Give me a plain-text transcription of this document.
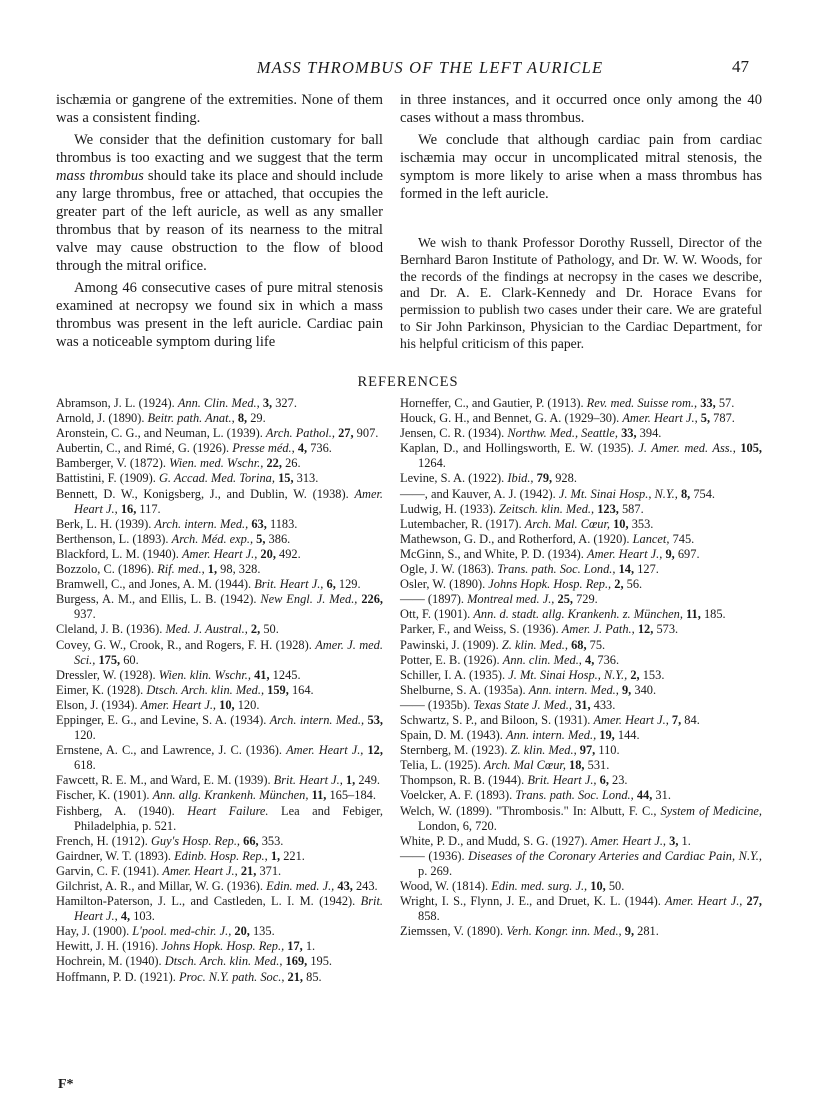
MASS THROMBUS OF THE LEFT AURICLE	47

ischæmia or gangrene of the extremities. None of them was a consistent finding.

We consider that the definition customary for ball thrombus is too exacting and we suggest that the term mass thrombus should take its place and should include any large thrombus, free or attached, that occupies the greater part of the left auricle, as well as any smaller thrombus that by reason of its nearness to the mitral valve may cause obstruction to the flow of blood through the mitral orifice.

Among 46 consecutive cases of pure mitral stenosis examined at necropsy we found six in which a mass thrombus was present in the left auricle. Cardiac pain was a noticeable symptom during life

in three instances, and it occurred once only among the 40 cases without a mass thrombus.

We conclude that although cardiac pain from cardiac ischæmia may occur in uncomplicated mitral stenosis, the symptom is more likely to arise when a mass thrombus has formed in the left auricle.

We wish to thank Professor Dorothy Russell, Director of the Bernhard Baron Institute of Pathology, and Dr. W. W. Woods, for the records of the findings at necropsy in the cases we describe, and Dr. A. E. Clark-Kennedy and Dr. Horace Evans for permission to publish two cases under their care. We are grateful to Sir John Parkinson, Physician to the Cardiac Department, for his helpful criticism of this paper.

REFERENCES

Abramson, J. L. (1924). Ann. Clin. Med., 3, 327.

Arnold, J. (1890). Beitr. path. Anat., 8, 29.

Aronstein, C. G., and Neuman, L. (1939). Arch. Pathol., 27, 907.

Aubertin, C., and Rimé, G. (1926). Presse méd., 4, 736.

Bamberger, V. (1872). Wien. med. Wschr., 22, 26.

Battistini, F. (1909). G. Accad. Med. Torina, 15, 313.

Bennett, D. W., Konigsberg, J., and Dublin, W. (1938). Amer. Heart J., 16, 117.

Berk, L. H. (1939). Arch. intern. Med., 63, 1183.

Berthenson, L. (1893). Arch. Méd. exp., 5, 386.

Blackford, L. M. (1940). Amer. Heart J., 20, 492.

Bozzolo, C. (1896). Rif. med., 1, 98, 328.

Bramwell, C., and Jones, A. M. (1944). Brit. Heart J., 6, 129.

Burgess, A. M., and Ellis, L. B. (1942). New Engl. J. Med., 226, 937.

Cleland, J. B. (1936). Med. J. Austral., 2, 50.

Covey, G. W., Crook, R., and Rogers, F. H. (1928). Amer. J. med. Sci., 175, 60.

Dressler, W. (1928). Wien. klin. Wschr., 41, 1245.

Eimer, K. (1928). Dtsch. Arch. klin. Med., 159, 164.

Elson, J. (1934). Amer. Heart J., 10, 120.

Eppinger, E. G., and Levine, S. A. (1934). Arch. intern. Med., 53, 120.

Ernstene, A. C., and Lawrence, J. C. (1936). Amer. Heart J., 12, 618.

Fawcett, R. E. M., and Ward, E. M. (1939). Brit. Heart J., 1, 249.

Fischer, K. (1901). Ann. allg. Krankenh. München, 11, 165–184.

Fishberg, A. (1940). Heart Failure. Lea and Febiger, Philadelphia, p. 521.

French, H. (1912). Guy's Hosp. Rep., 66, 353.

Gairdner, W. T. (1893). Edinb. Hosp. Rep., 1, 221.

Garvin, C. F. (1941). Amer. Heart J., 21, 371.

Gilchrist, A. R., and Millar, W. G. (1936). Edin. med. J., 43, 243.

Hamilton-Paterson, J. L., and Castleden, L. I. M. (1942). Brit. Heart J., 4, 103.

Hay, J. (1900). L'pool. med-chir. J., 20, 135.

Hewitt, J. H. (1916). Johns Hopk. Hosp. Rep., 17, 1.

Hochrein, M. (1940). Dtsch. Arch. klin. Med., 169, 195.

Hoffmann, P. D. (1921). Proc. N.Y. path. Soc., 21, 85.

Horneffer, C., and Gautier, P. (1913). Rev. med. Suisse rom., 33, 57.

Houck, G. H., and Bennet, G. A. (1929–30). Amer. Heart J., 5, 787.

Jensen, C. R. (1934). Northw. Med., Seattle, 33, 394.

Kaplan, D., and Hollingsworth, E. W. (1935). J. Amer. med. Ass., 105, 1264.

Levine, S. A. (1922). Ibid., 79, 928.

——, and Kauver, A. J. (1942). J. Mt. Sinai Hosp., N.Y., 8, 754.

Ludwig, H. (1933). Zeitsch. klin. Med., 123, 587.

Lutembacher, R. (1917). Arch. Mal. Cœur, 10, 353.

Mathewson, G. D., and Rotherford, A. (1920). Lancet, 745.

McGinn, S., and White, P. D. (1934). Amer. Heart J., 9, 697.

Ogle, J. W. (1863). Trans. path. Soc. Lond., 14, 127.

Osler, W. (1890). Johns Hopk. Hosp. Rep., 2, 56.

—— (1897). Montreal med. J., 25, 729.

Ott, F. (1901). Ann. d. stadt. allg. Krankenh. z. München, 11, 185.

Parker, F., and Weiss, S. (1936). Amer. J. Path., 12, 573.

Pawinski, J. (1909). Z. klin. Med., 68, 75.

Potter, E. B. (1926). Ann. clin. Med., 4, 736.

Schiller, I. A. (1935). J. Mt. Sinai Hosp., N.Y., 2, 153.

Shelburne, S. A. (1935a). Ann. intern. Med., 9, 340.

—— (1935b). Texas State J. Med., 31, 433.

Schwartz, S. P., and Biloon, S. (1931). Amer. Heart J., 7, 84.

Spain, D. M. (1943). Ann. intern. Med., 19, 144.

Sternberg, M. (1923). Z. klin. Med., 97, 110.

Telia, L. (1925). Arch. Mal Cœur, 18, 531.

Thompson, R. B. (1944). Brit. Heart J., 6, 23.

Voelcker, A. F. (1893). Trans. path. Soc. Lond., 44, 31.

Welch, W. (1899). "Thrombosis." In: Albutt, F. C., System of Medicine, London, 6, 720.

White, P. D., and Mudd, S. G. (1927). Amer. Heart J., 3, 1.

—— (1936). Diseases of the Coronary Arteries and Cardiac Pain, N.Y., p. 269.

Wood, W. (1814). Edin. med. surg. J., 10, 50.

Wright, I. S., Flynn, J. E., and Druet, K. L. (1944). Amer. Heart J., 27, 858.

Ziemssen, V. (1890). Verh. Kongr. inn. Med., 9, 281.

F*
